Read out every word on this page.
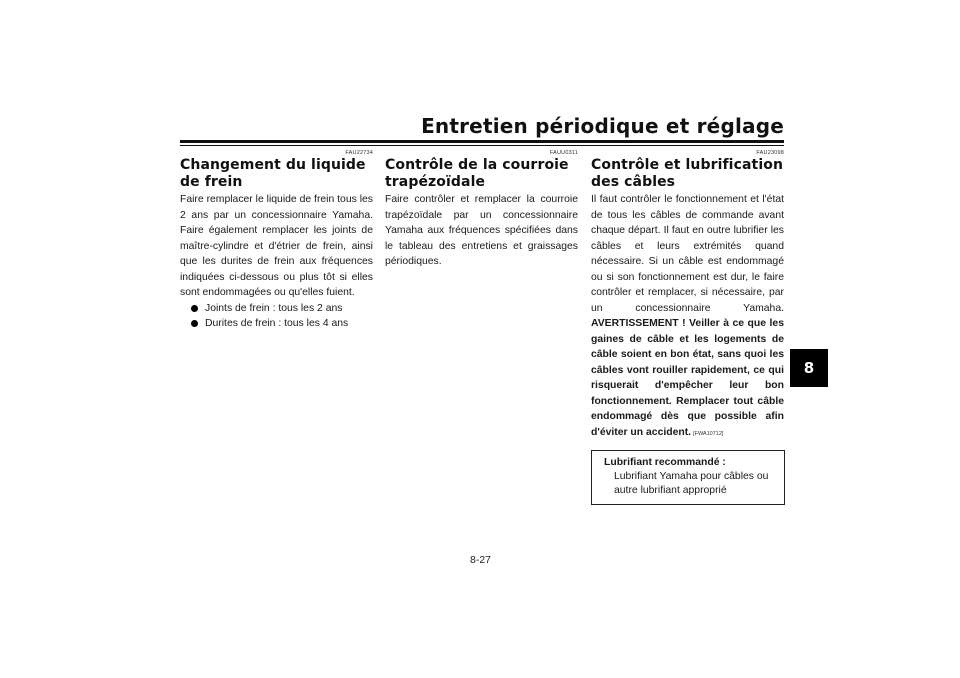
Entretien périodique et réglage
8
FAU22734
Changement du liquide de frein

Faire remplacer le liquide de frein tous les 2 ans par un concessionnaire Yamaha. Faire également remplacer les joints de maître-cylindre et d'étrier de frein, ainsi que les durites de frein aux fréquences indiquées ci-dessous ou plus tôt si elles sont endommagées ou qu'elles fuient.

Joints de frein : tous les 2 ans
Durites de frein : tous les 4 ans
FAUU0311
Contrôle de la courroie trapézoïdale

Faire contrôler et remplacer la courroie trapézoïdale par un concessionnaire Yamaha aux fréquences spécifiées dans le tableau des entretiens et graissages périodiques.

FAU23098
Contrôle et lubrification des câbles

Il faut contrôler le fonctionnement et l'état de tous les câbles de commande avant chaque départ. Il faut en outre lubrifier les câbles et leurs extrémités quand nécessaire. Si un câble est endommagé ou si son fonctionnement est dur, le faire contrôler et remplacer, si nécessaire, par un concessionnaire Yamaha. AVERTISSEMENT ! Veiller à ce que les gaines de câble et les logements de câble soient en bon état, sans quoi les câbles vont rouiller rapidement, ce qui risquerait d'empêcher leur bon fonctionnement. Remplacer tout câble endommagé dès que possible afin d'éviter un accident. [FWA10712]

Lubrifiant recommandé :
Lubrifiant Yamaha pour câbles ou autre lubrifiant approprié
8-27
